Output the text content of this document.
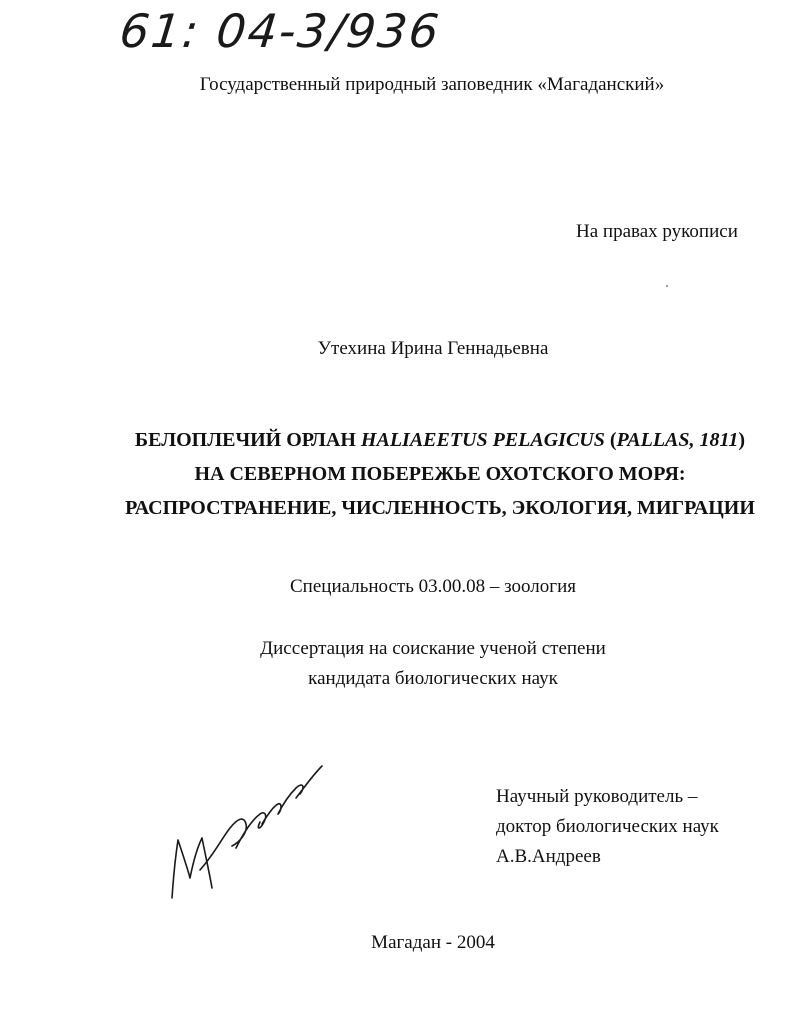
61: 04-3/936
Государственный природный заповедник «Магаданский»
На правах рукописи
Утехина Ирина Геннадьевна
БЕЛОПЛЕЧИЙ ОРЛАН HALIAEETUS PELAGICUS (PALLAS, 1811)
НА СЕВЕРНОМ ПОБЕРЕЖЬЕ ОХОТСКОГО МОРЯ:
РАСПРОСТРАНЕНИЕ, ЧИСЛЕННОСТЬ, ЭКОЛОГИЯ, МИГРАЦИИ
Специальность 03.00.08 – зоология
Диссертация на соискание ученой степени
кандидата биологических наук
Научный руководитель –
доктор биологических наук
А.В.Андреев
Магадан - 2004
